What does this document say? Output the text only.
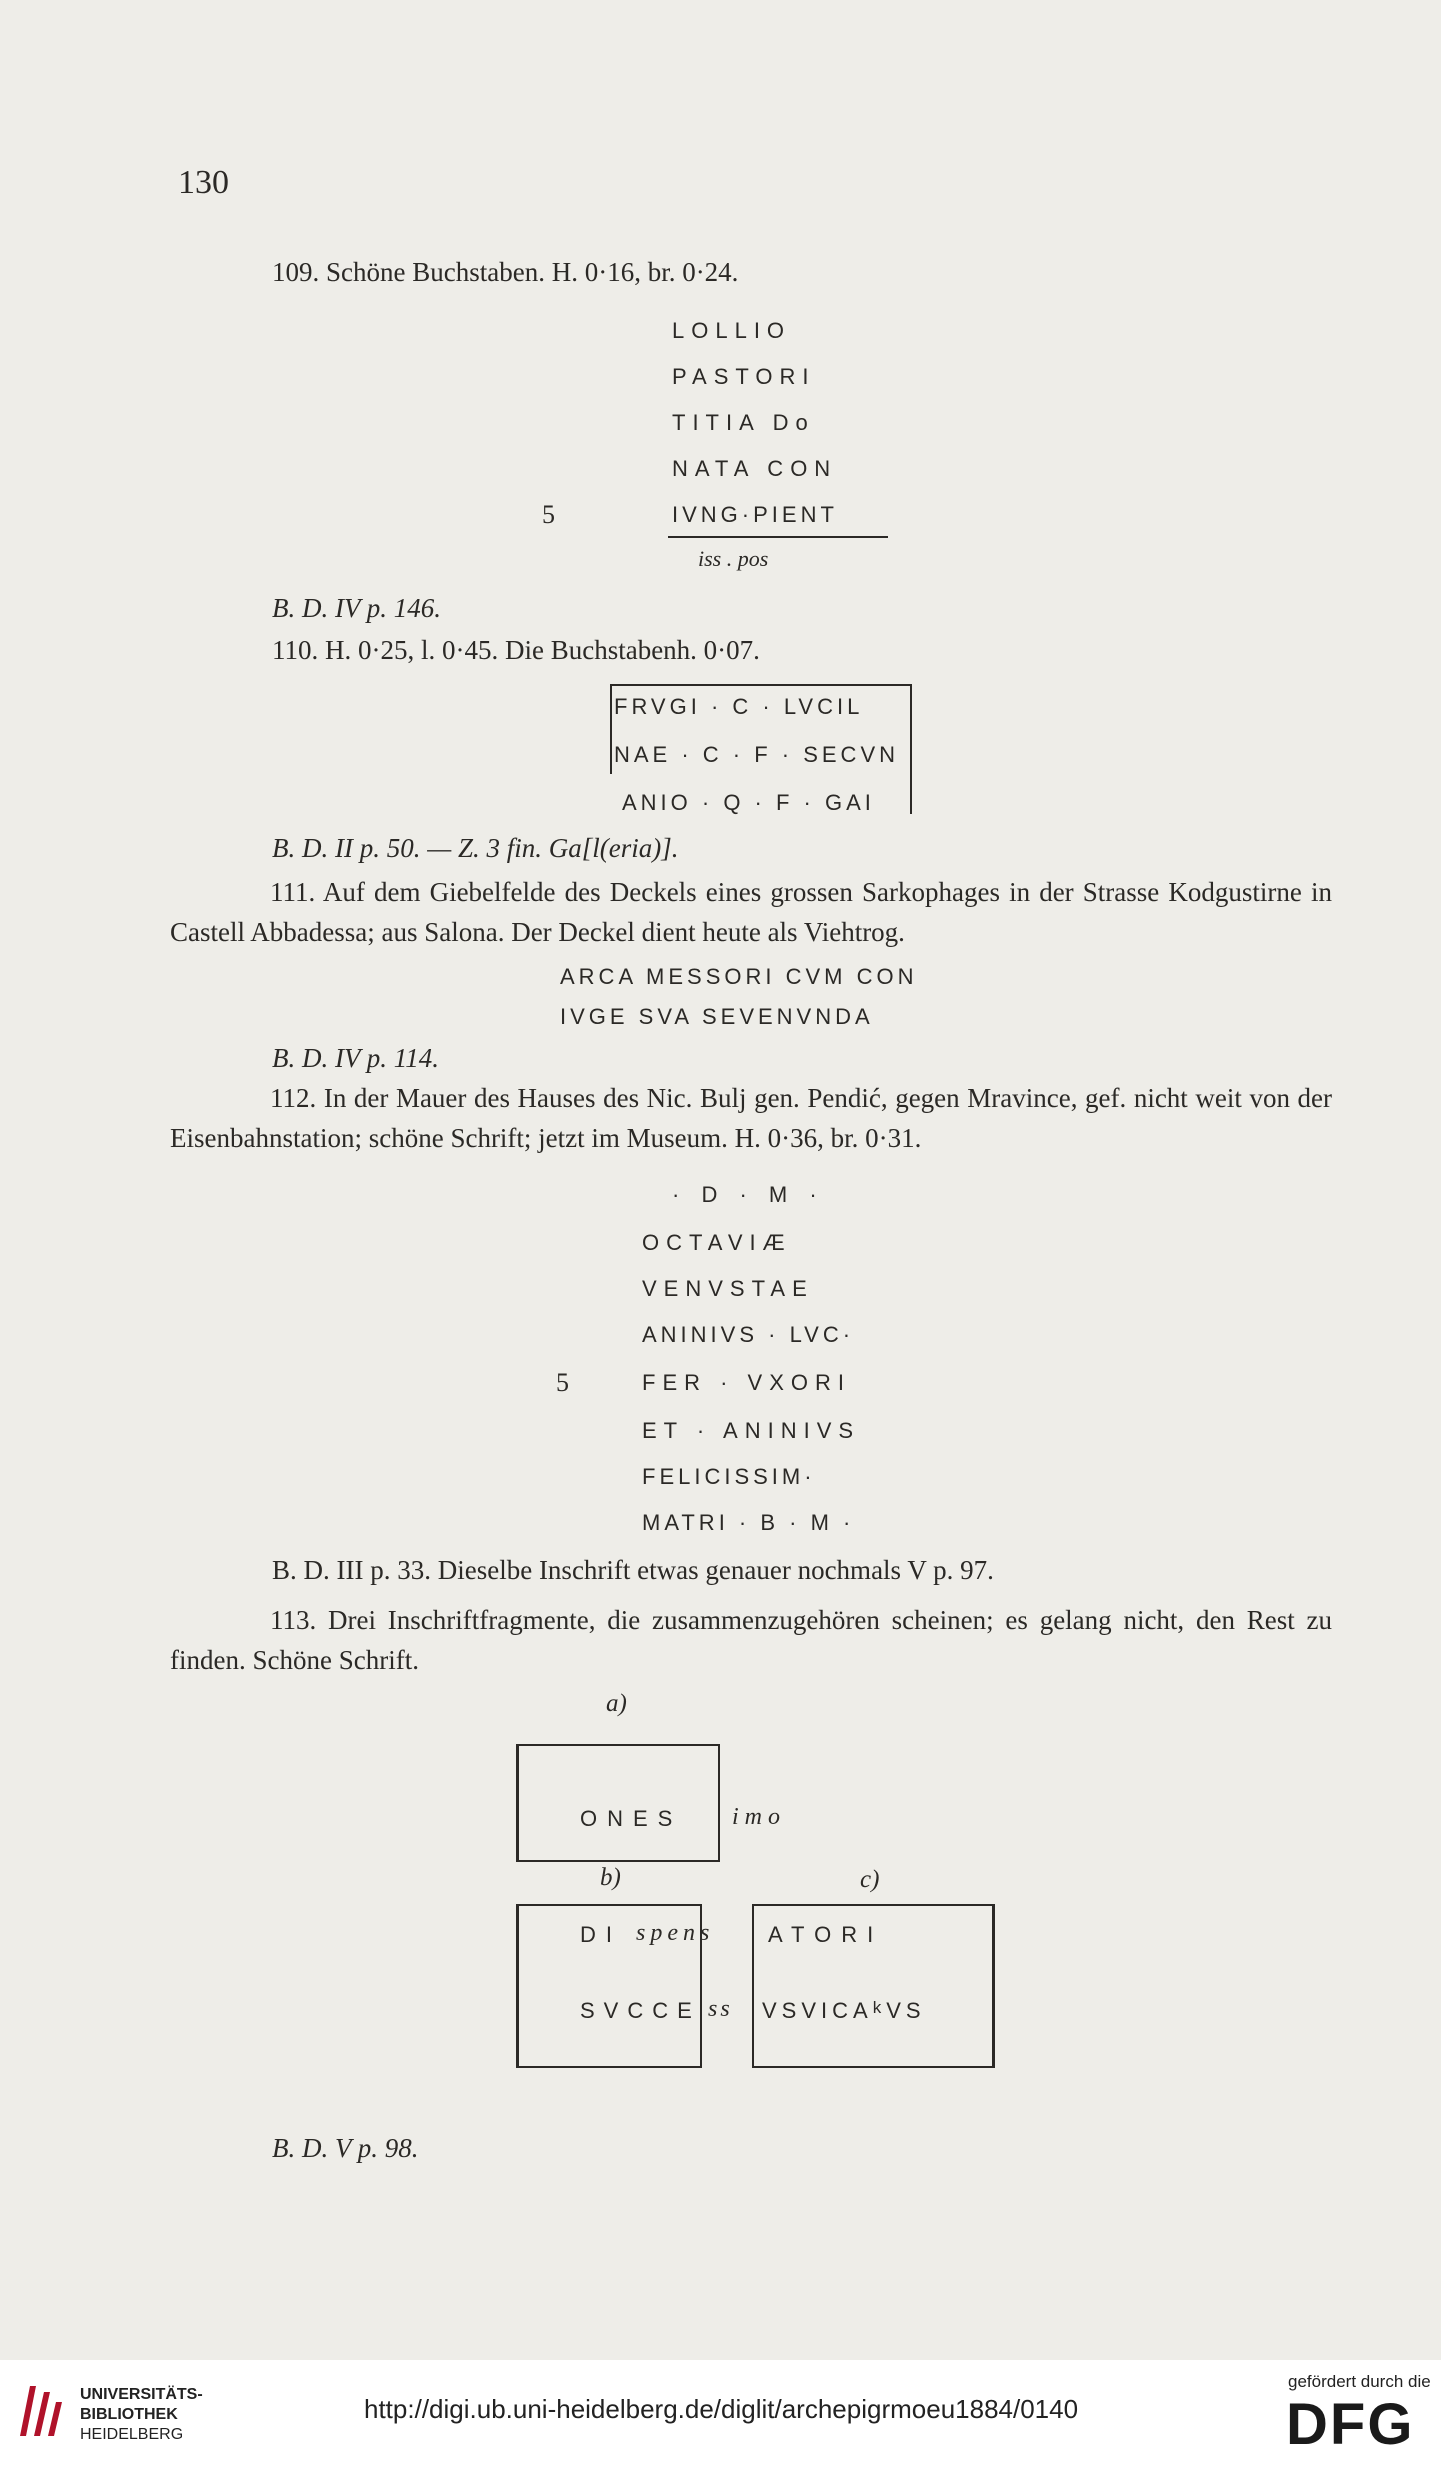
130
109. Schöne Buchstaben. H. 0·16, br. 0·24.
LOLLIO
PASTORI
TITIA Do
NATA CON
5	IVNG·PIENT
iss . pos
B. D. IV p. 146.
110. H. 0·25, l. 0·45. Die Buchstabenh. 0·07.
FRVGI · C · LVCIL
NAE · C · F · SECVN
ANIO · Q · F · GAI
B. D. II p. 50. — Z. 3 fin. Ga[l(eria)].
111. Auf dem Giebelfelde des Deckels eines grossen Sarkophages in der Strasse Kodgustirne in Castell Abbadessa; aus Salona. Der Deckel dient heute als Viehtrog.
ARCA MESSORI CVM CON
IVGE SVA SEVENVNDA
B. D. IV p. 114.
112. In der Mauer des Hauses des Nic. Bulj gen. Pendić, gegen Mravince, gef. nicht weit von der Eisenbahnstation; schöne Schrift; jetzt im Museum. H. 0·36, br. 0·31.
· D · M ·
OCTAVIÆ
VENVSTAE
ANINIVS · LVC·
5	FER · VXORI
ET · ANINIVS
FELICISSIM·
MATRI · B · M ·
B. D. III p. 33. Dieselbe Inschrift etwas genauer nochmals V p. 97.
113. Drei Inschriftfragmente, die zusammenzugehören scheinen; es gelang nicht, den Rest zu finden. Schöne Schrift.
a)
ONES imo
b)	c)
DI spens
SVCCE ss
ATORI
VSVICA$^k$VS
B. D. V p. 98.
UNIVERSITÄTS-
BIBLIOTHEK
HEIDELBERG
http://digi.ub.uni-heidelberg.de/diglit/archepigrmoeu1884/0140
gefördert durch die
DFG
